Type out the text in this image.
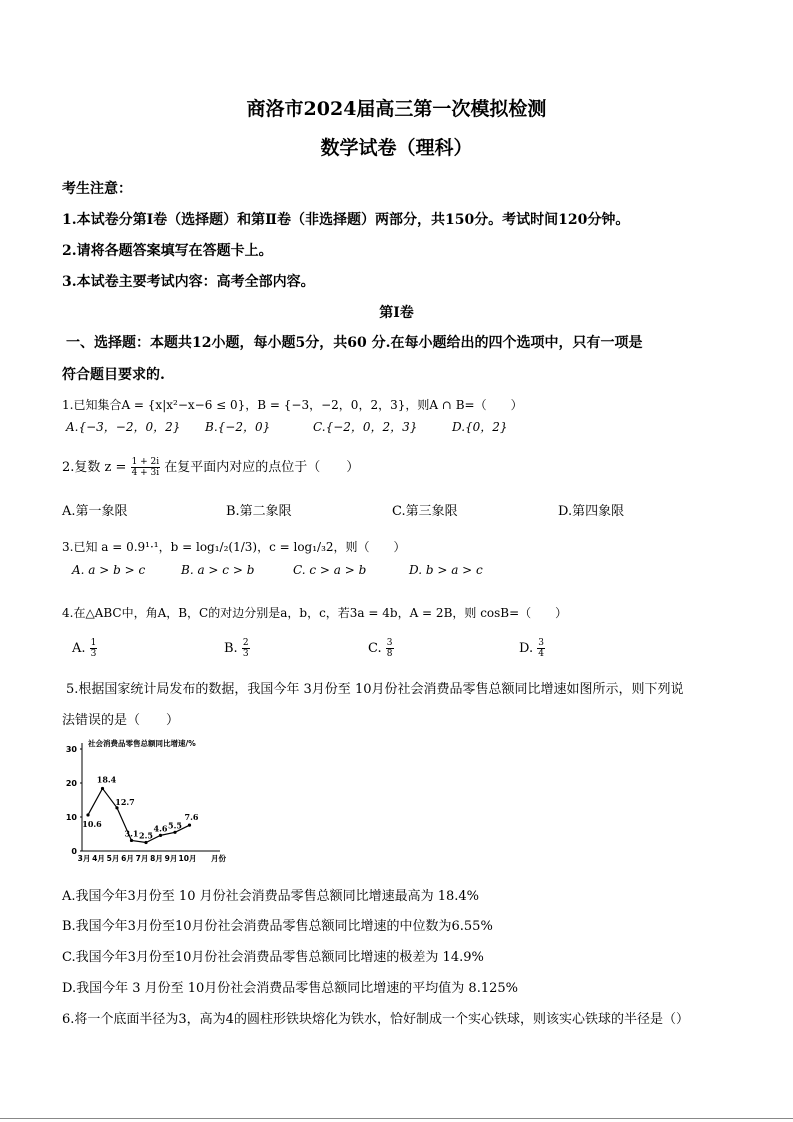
商洛市2024届高三第一次模拟检测
数学试卷（理科）
考生注意：
1.本试卷分第Ⅰ卷（选择题）和第Ⅱ卷（非选择题）两部分，共150分。考试时间120分钟。
2.请将各题答案填写在答题卡上。
3.本试卷主要考试内容：高考全部内容。
第Ⅰ卷
一、选择题：本题共12小题，每小题5分，共60 分.在每小题给出的四个选项中，只有一项是
符合题目要求的.
1.已知集合A = {x|x²−x−6 ≤ 0}，B = {−3，−2，0，2，3}，则A ∩ B=（　　）
A.{−3，−2，0，2} B.{−2，0}	C.{−2，0，2，3}	D.{0，2}
2.复数 $z = \frac{1 + 2i}{4 + 3i}$ 在复平面内对应的点位于（　　）
A.第一象限	B.第二象限	C.第三象限	D.第四象限
3.已知 a = 0.9¹·¹，b = log₁/₂(1/3)，c = log₁/₃2，则（　　）
A. a > b > c	B. a > c > b	C. c > a > b	D. b > a > c
4.在△ABC中，角A，B，C的对边分别是a，b，c，若3a = 4b，A = 2B，则 cosB=（　　）
A. $\frac{1}{3}$	B. $\frac{2}{3}$	C. $\frac{3}{8}$	D. $\frac{3}{4}$
5.根据国家统计局发布的数据，我国今年 3月份至 10月份社会消费品零售总额同比增速如图所示，则下列说
法错误的是（　　）
社会消费品零售总额同比增速/%
0
10
20
30
3月 4月 5月 6月 7月 8月 9月 10月 月份
10.6
18.4
12.7
3.1 2.5
4.6 5.5
7.6
A.我国今年3月份至 10 月份社会消费品零售总额同比增速最高为 18.4%
B.我国今年3月份至10月份社会消费品零售总额同比增速的中位数为6.55%
C.我国今年3月份至10月份社会消费品零售总额同比增速的极差为 14.9%
D.我国今年 3 月份至 10月份社会消费品零售总额同比增速的平均值为 8.125%
6.将一个底面半径为3，高为4的圆柱形铁块熔化为铁水，恰好制成一个实心铁球，则该实心铁球的半径是（）
